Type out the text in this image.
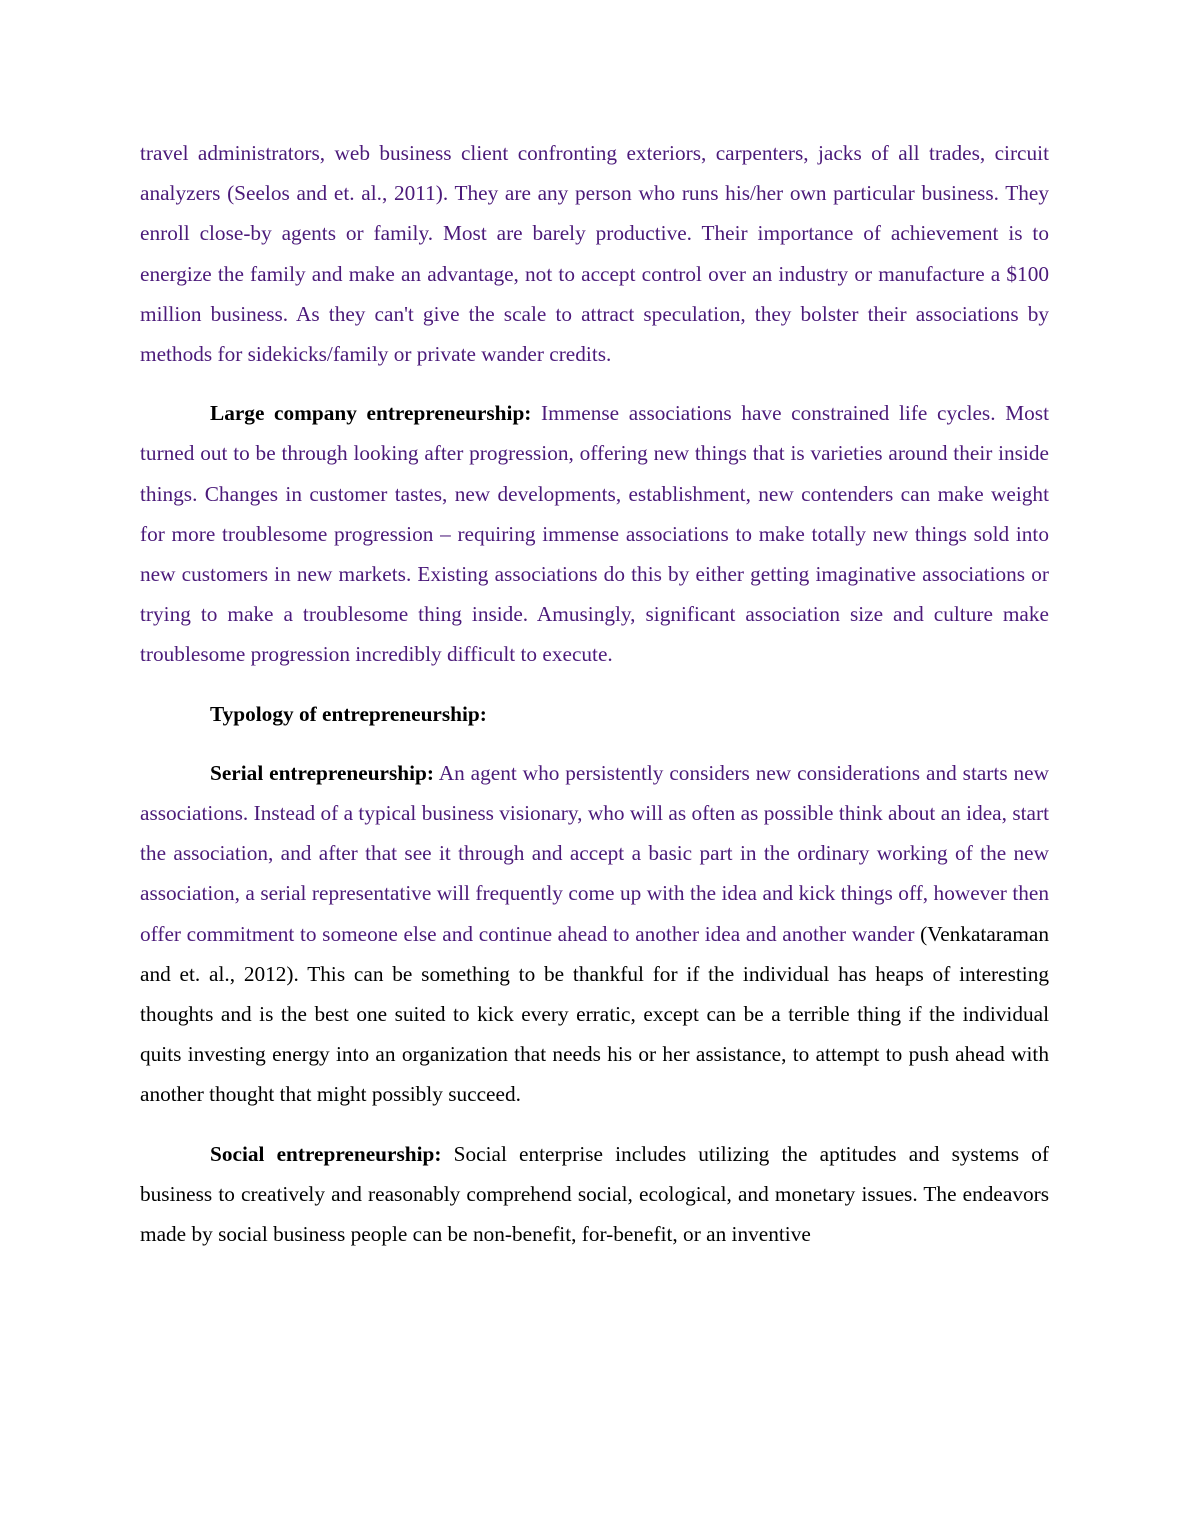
travel administrators, web business client confronting exteriors, carpenters, jacks of all trades, circuit analyzers (Seelos and et. al., 2011). They are any person who runs his/her own particular business. They enroll close-by agents or family. Most are barely productive. Their importance of achievement is to energize the family and make an advantage, not to accept control over an industry or manufacture a $100 million business. As they can't give the scale to attract speculation, they bolster their associations by methods for sidekicks/family or private wander credits.

Large company entrepreneurship: Immense associations have constrained life cycles. Most turned out to be through looking after progression, offering new things that is varieties around their inside things. Changes in customer tastes, new developments, establishment, new contenders can make weight for more troublesome progression – requiring immense associations to make totally new things sold into new customers in new markets. Existing associations do this by either getting imaginative associations or trying to make a troublesome thing inside. Amusingly, significant association size and culture make troublesome progression incredibly difficult to execute.

Typology of entrepreneurship:

Serial entrepreneurship: An agent who persistently considers new considerations and starts new associations. Instead of a typical business visionary, who will as often as possible think about an idea, start the association, and after that see it through and accept a basic part in the ordinary working of the new association, a serial representative will frequently come up with the idea and kick things off, however then offer commitment to someone else and continue ahead to another idea and another wander (Venkataraman and et. al., 2012). This can be something to be thankful for if the individual has heaps of interesting thoughts and is the best one suited to kick every erratic, except can be a terrible thing if the individual quits investing energy into an organization that needs his or her assistance, to attempt to push ahead with another thought that might possibly succeed.

Social entrepreneurship: Social enterprise includes utilizing the aptitudes and systems of business to creatively and reasonably comprehend social, ecological, and monetary issues. The endeavors made by social business people can be non-benefit, for-benefit, or an inventive
